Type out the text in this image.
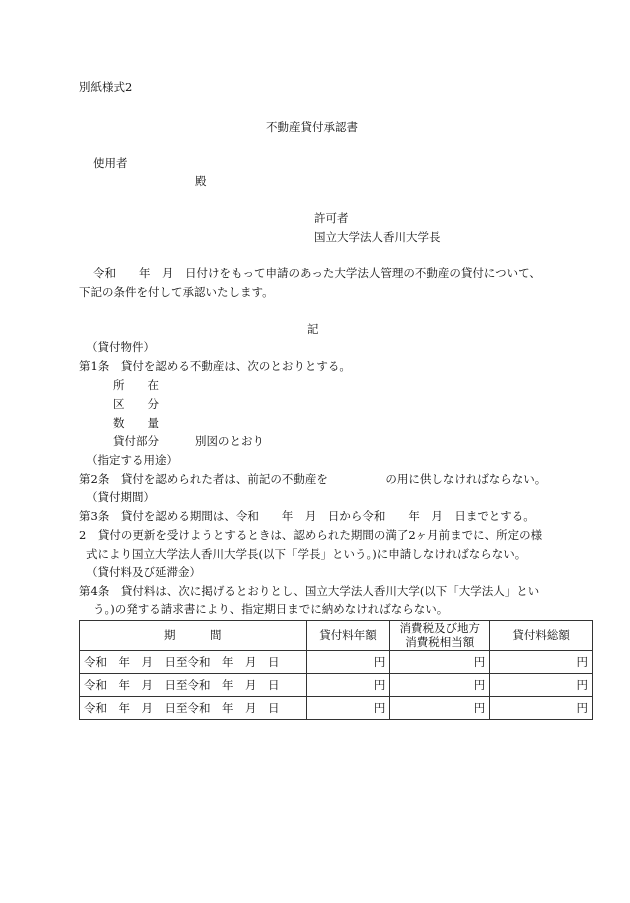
別紙様式2
不動産貸付承認書
使用者
殿
許可者
国立大学法人香川大学長
令和　　年　月　日付けをもって申請のあった大学法人管理の不動産の貸付について、
下記の条件を付して承認いたします。
記
（貸付物件）
第1条　貸付を認める不動産は、次のとおりとする。
所　　在
区　　分
数　　量
貸付部分	別図のとおり
（指定する用途）
第2条　貸付を認められた者は、前記の不動産を　　　　　の用に供しなければならない。
（貸付期間）
第3条　貸付を認める期間は、令和　　年　月　日から令和　　年　月　日までとする。
2　貸付の更新を受けようとするときは、認められた期間の満了2ヶ月前までに、所定の様
式により国立大学法人香川大学長(以下「学長」という。)に申請しなければならない。
（貸付料及び延滞金）
第4条　貸付料は、次に掲げるとおりとし、国立大学法人香川大学(以下「大学法人」とい
う。)の発する請求書により、指定期日までに納めなければならない。
期　　　間	貸付料年額	消費税及び地方
消費税相当額	貸付料総額
令和　年　月　日至令和　年　月　日	円	円	円
令和　年　月　日至令和　年　月　日	円	円	円
令和　年　月　日至令和　年　月　日	円	円	円
